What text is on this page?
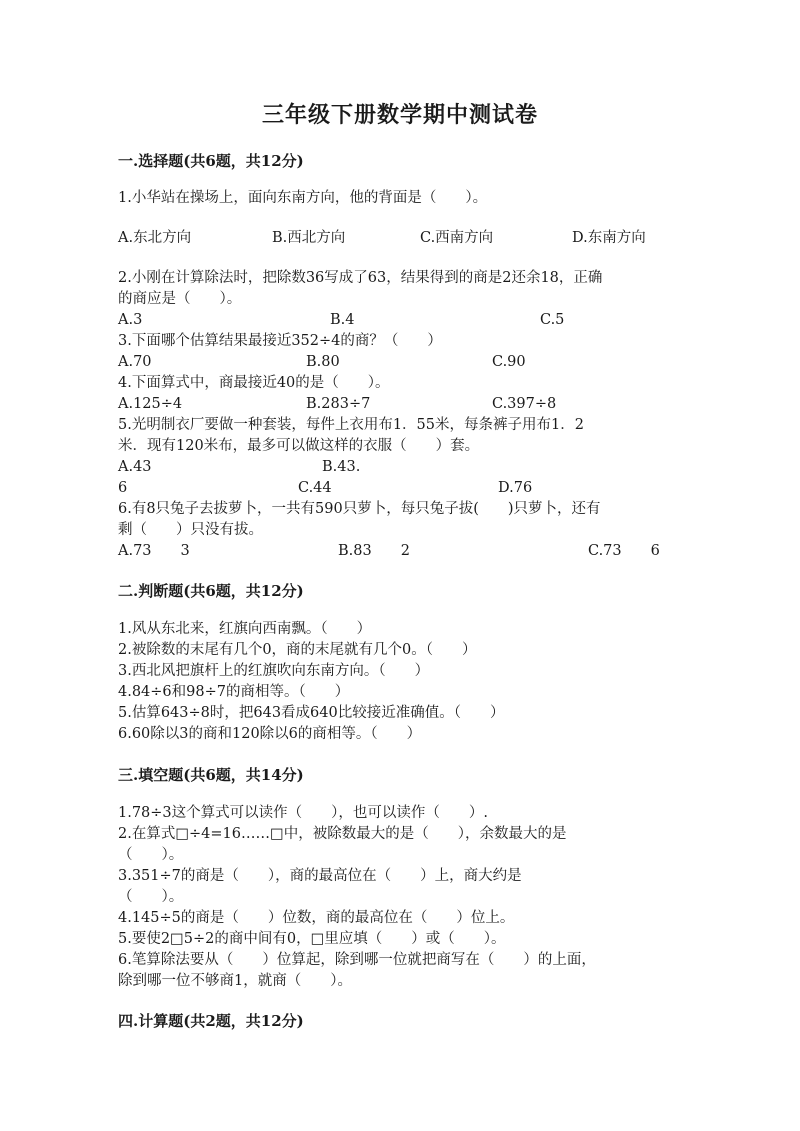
三年级下册数学期中测试卷
一.选择题(共6题，共12分)
1.小华站在操场上，面向东南方向，他的背面是（　　）。
A.东北方向	B.西北方向	C.西南方向	D.东南方向
2.小刚在计算除法时，把除数36写成了63，结果得到的商是2还余18，正确
的商应是（　　）。
A.3	B.4	C.5
3.下面哪个估算结果最接近352÷4的商？（　　）
A.70	B.80	C.90
4.下面算式中，商最接近40的是（　　）。
A.125÷4	B.283÷7	C.397÷8
5.光明制衣厂要做一种套装，每件上衣用布1．55米，每条裤子用布1．2
米．现有120米布，最多可以做这样的衣服（　　）套。
A.43	B.43.
6	C.44	D.76
6.有8只兔子去拔萝卜，一共有590只萝卜，每只兔子拔(　　)只萝卜，还有
剩（　　）只没有拔。
A.73　　3	B.83　　2	C.73　　6
二.判断题(共6题，共12分)
1.风从东北来，红旗向西南飘。（　　）
2.被除数的末尾有几个0，商的末尾就有几个0。（　　）
3.西北风把旗杆上的红旗吹向东南方向。（　　）
4.84÷6和98÷7的商相等。（　　）
5.估算643÷8时，把643看成640比较接近准确值。（　　）
6.60除以3的商和120除以6的商相等。（　　）
三.填空题(共6题，共14分)
1.78÷3这个算式可以读作（　　），也可以读作（　　）.
2.在算式□÷4=16……□中，被除数最大的是（　　），余数最大的是
（　　）。
3.351÷7的商是（　　），商的最高位在（　　）上，商大约是
（　　）。
4.145÷5的商是（　　）位数，商的最高位在（　　）位上。
5.要使2□5÷2的商中间有0，□里应填（　　）或（　　）。
6.笔算除法要从（　　）位算起，除到哪一位就把商写在（　　）的上面，
除到哪一位不够商1，就商（　　）。
四.计算题(共2题，共12分)
